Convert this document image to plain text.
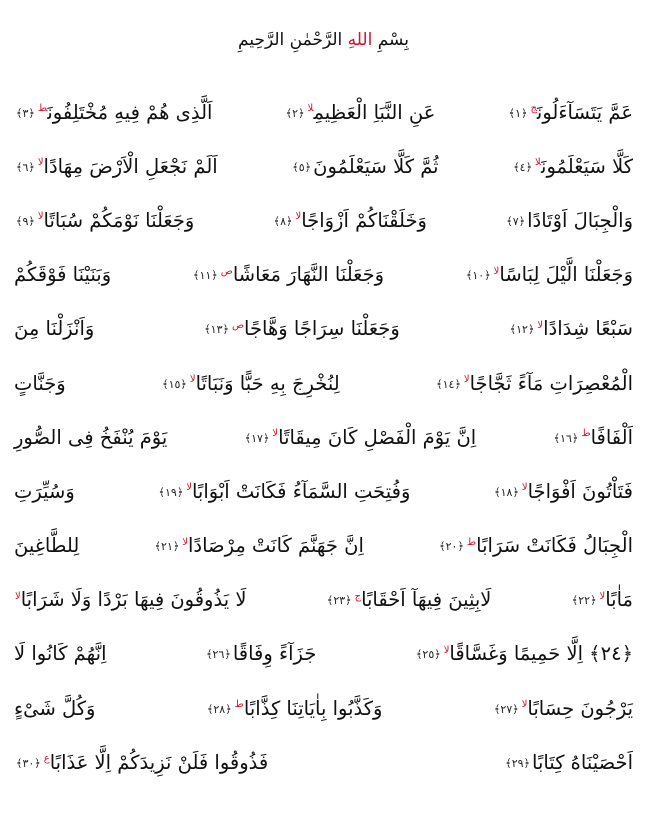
بِسْمِ اللهِ الرَّحْمٰنِ الرَّحِيمِ
عَمَّ يَتَسَآءَلُونَ$^ج$﴿١﴾
عَنِ النَّبَاِ الْعَظِيمِ$^{لا}$﴿٢﴾
اَلَّذِى هُمْ فِيهِ مُخْتَلِفُونَ$^ط$﴿٣﴾
كَلَّا سَيَعْلَمُونَ$^{لا}$﴿٤﴾
ثُمَّ كَلَّا سَيَعْلَمُونَ﴿٥﴾
اَلَمْ نَجْعَلِ الْاَرْضَ مِهَادًا$^{لا}$﴿٦﴾
وَالْجِبَالَ اَوْتَادًا﴿٧﴾
وَخَلَقْنَاكُمْ اَزْوَاجًا$^{لا}$﴿٨﴾
وَجَعَلْنَا نَوْمَكُمْ سُبَاتًا$^{لا}$﴿٩﴾
وَجَعَلْنَا الَّيْلَ لِبَاسًا$^{لا}$﴿١٠﴾
وَجَعَلْنَا النَّهَارَ مَعَاشًا$^ص$﴿١١﴾
وَبَنَيْنَا فَوْقَكُمْ
سَبْعًا شِدَادًا$^{لا}$﴿١٢﴾
وَجَعَلْنَا سِرَاجًا وَهَّاجًا$^ص$﴿١٣﴾
وَاَنْزَلْنَا مِنَ
الْمُعْصِرَاتِ مَآءً ثَجَّاجًا$^{لا}$﴿١٤﴾
لِنُخْرِجَ بِهِ حَبًّا وَنَبَاتًا$^{لا}$﴿١٥﴾
وَجَنَّاتٍ
اَلْفَافًا$^ط$﴿١٦﴾
اِنَّ يَوْمَ الْفَصْلِ كَانَ مِيقَاتًا$^{لا}$﴿١٧﴾
يَوْمَ يُنْفَخُ فِى الصُّورِ
فَتَاْتُونَ اَفْوَاجًا$^{لا}$﴿١٨﴾
وَفُتِحَتِ السَّمَآءُ فَكَانَتْ اَبْوَابًا$^{لا}$﴿١٩﴾
وَسُيِّرَتِ
الْجِبَالُ فَكَانَتْ سَرَابًا$^ط$﴿٢٠﴾
اِنَّ جَهَنَّمَ كَانَتْ مِرْصَادًا$^{لا}$﴿٢١﴾
لِلطَّاغِينَ
مَاٰبًا$^{لا}$﴿٢٢﴾
لَابِثِينَ فِيهَآ اَحْقَابًا$^ج$﴿٢٣﴾
لَا يَذُوقُونَ فِيهَا بَرْدًا وَلَا شَرَابًا$^{لا}$
﴿٢٤﴾ اِلَّا حَمِيمًا وَغَسَّاقًا$^{لا}$﴿٢٥﴾
جَزَآءً وِفَاقًا﴿٢٦﴾
اِنَّهُمْ كَانُوا لَا
يَرْجُونَ حِسَابًا$^{لا}$﴿٢٧﴾
وَكَذَّبُوا بِاٰيَاتِنَا كِذَّابًا$^ط$﴿٢٨﴾
وَكُلَّ شَىْءٍ
اَحْصَيْنَاهُ كِتَابًا﴿٢٩﴾
فَذُوقُوا فَلَنْ نَزِيدَكُمْ اِلَّا عَذَابًا$^ع$﴿٣٠﴾
